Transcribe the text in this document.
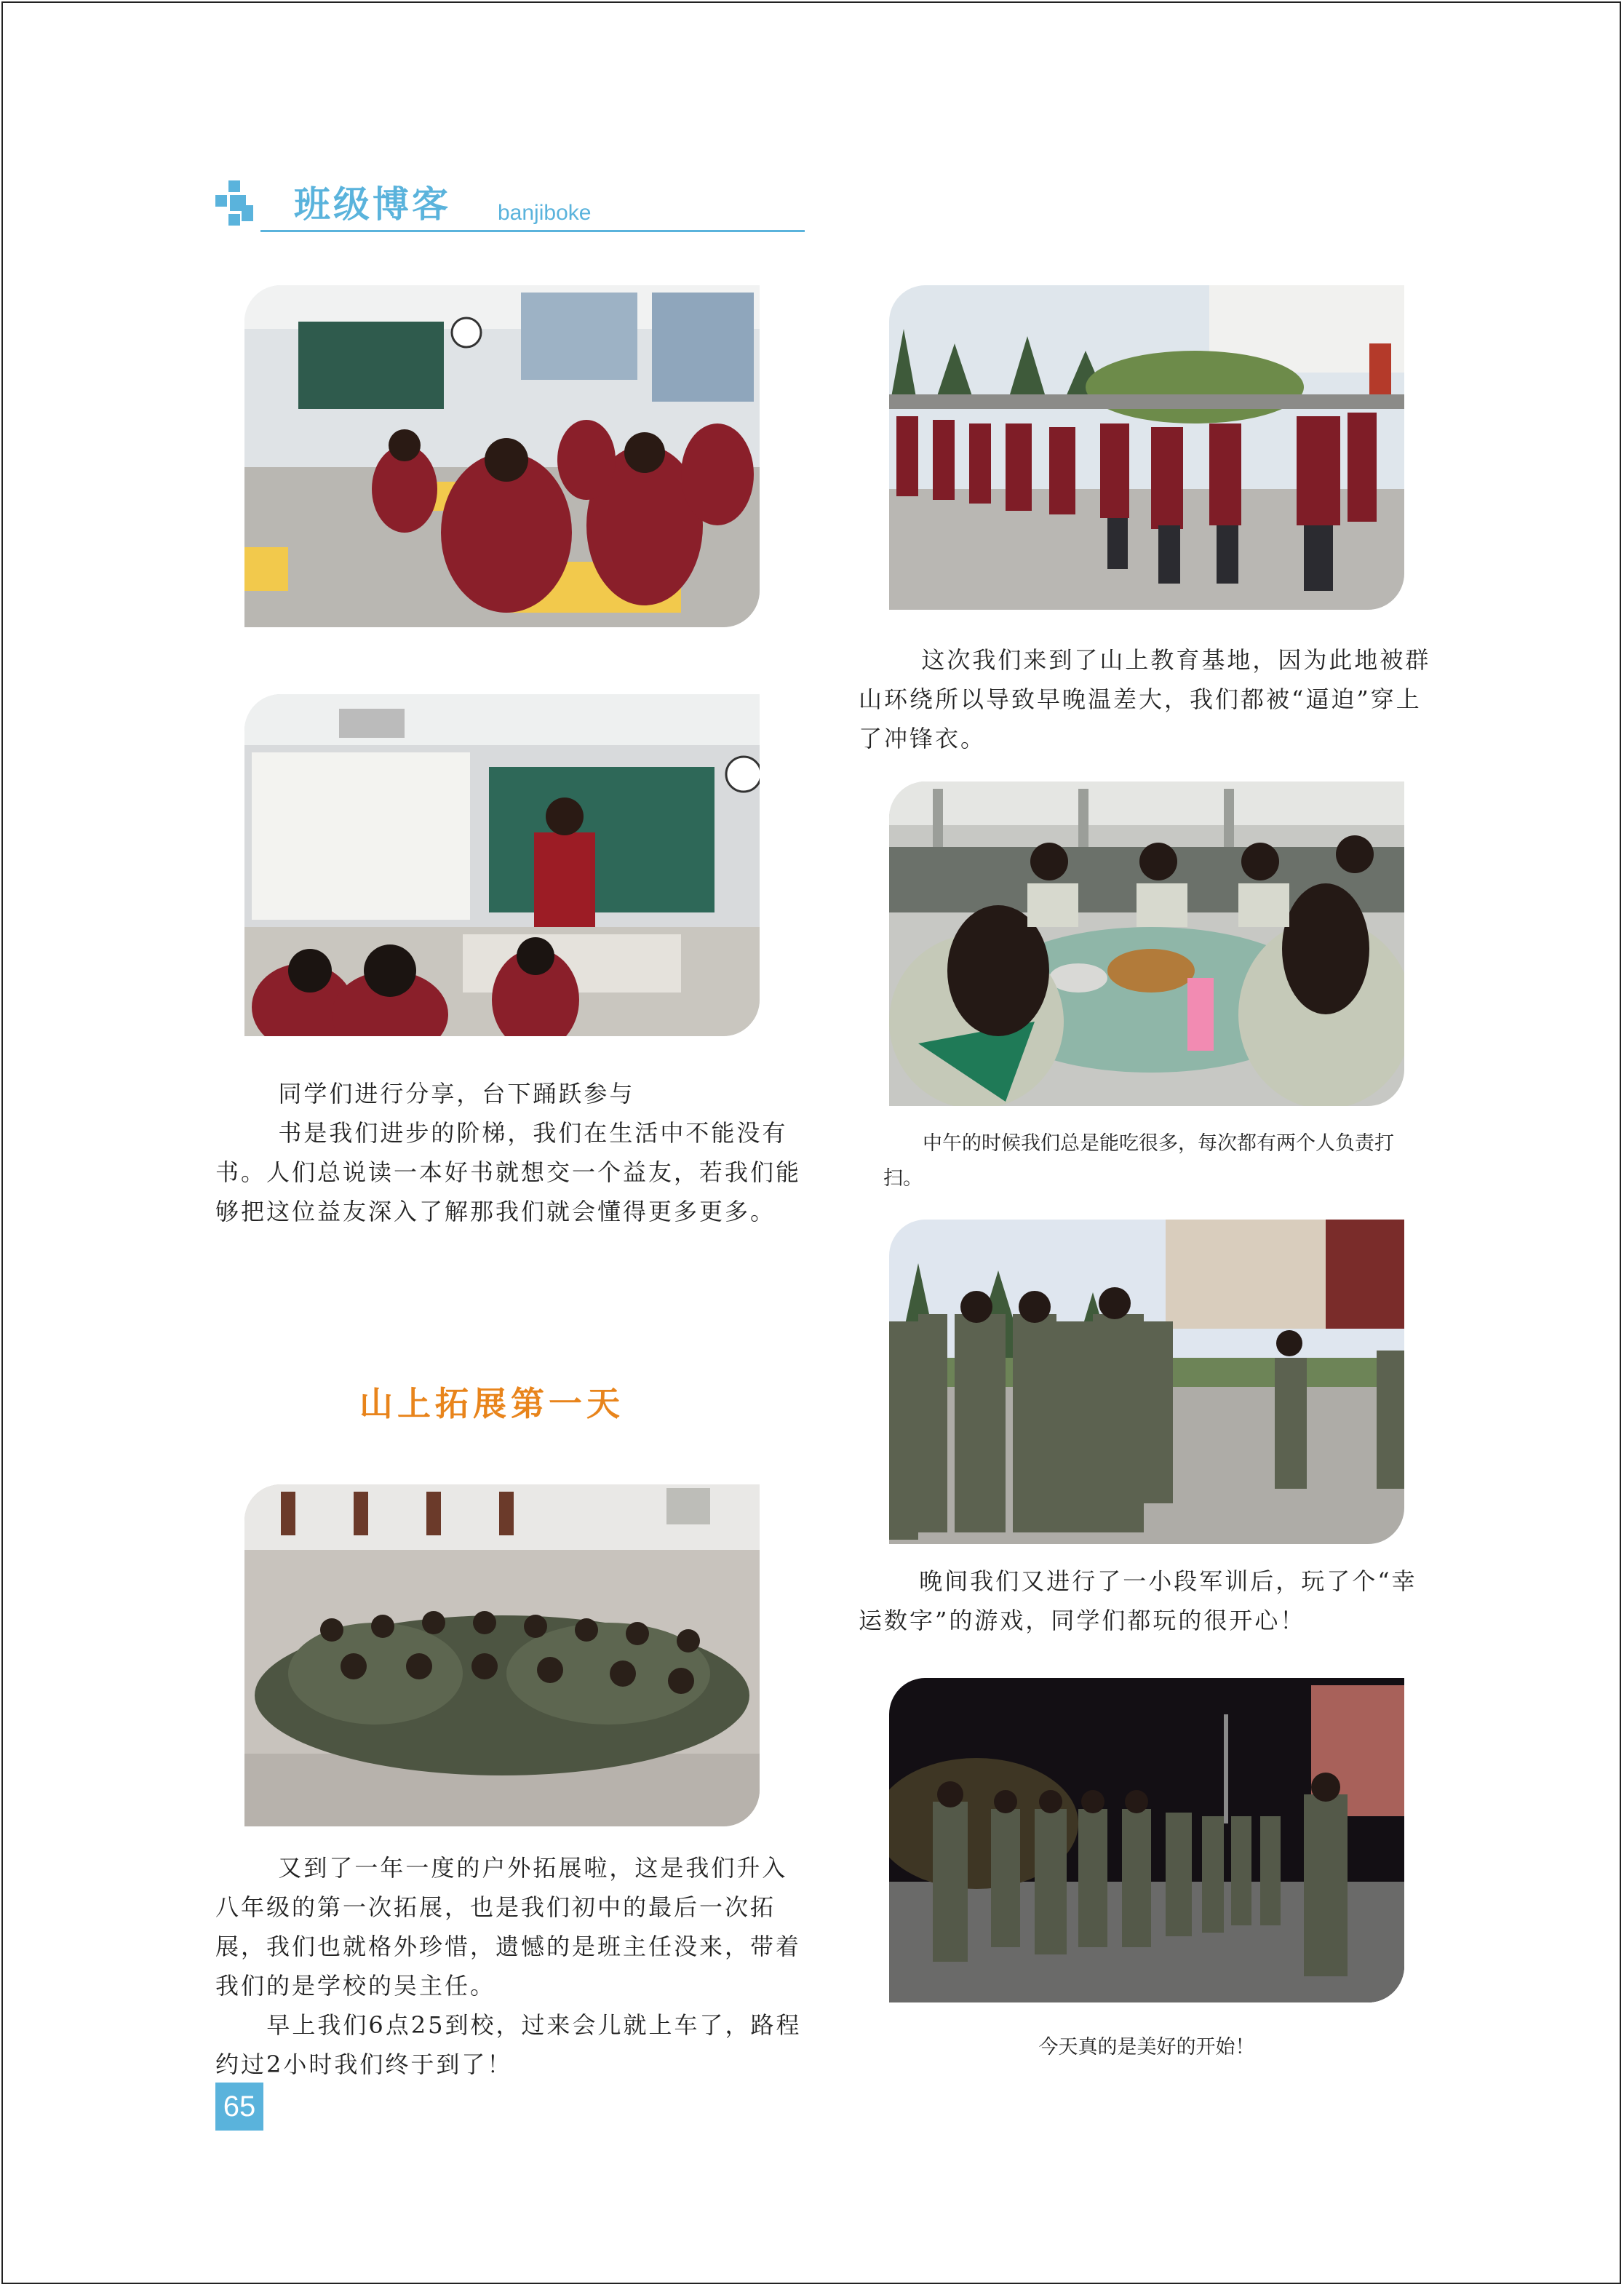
班级博客 banjiboke

同学们进行分享，台下踊跃参与

书是我们进步的阶梯，我们在生活中不能没有书。人们总说读一本好书就想交一个益友，若我们能够把这位益友深入了解那我们就会懂得更多更多。

山上拓展第一天

又到了一年一度的户外拓展啦，这是我们升入八年级的第一次拓展，也是我们初中的最后一次拓展，我们也就格外珍惜，遗憾的是班主任没来，带着我们的是学校的吴主任。

早上我们6点25到校，过来会儿就上车了，路程约过2小时我们终于到了！

这次我们来到了山上教育基地，因为此地被群山环绕所以导致早晚温差大，我们都被“逼迫”穿上了冲锋衣。

中午的时候我们总是能吃很多，每次都有两个人负责打扫。

晚间我们又进行了一小段军训后，玩了个“幸运数字”的游戏，同学们都玩的很开心！

今天真的是美好的开始！
65
